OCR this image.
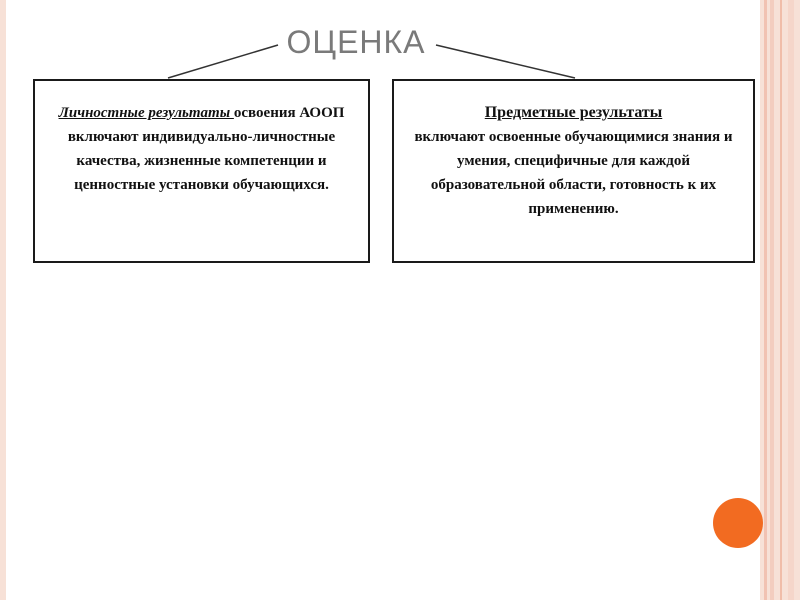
ОЦЕНКА
Личностные результаты освоения АООП включают индивидуально-личностные качества, жизненные компетенции и ценностные установки обучающихся.
Предметные результаты
включают освоенные обучающимися знания и умения, специфичные для каждой образовательной области, готовность к их применению.
